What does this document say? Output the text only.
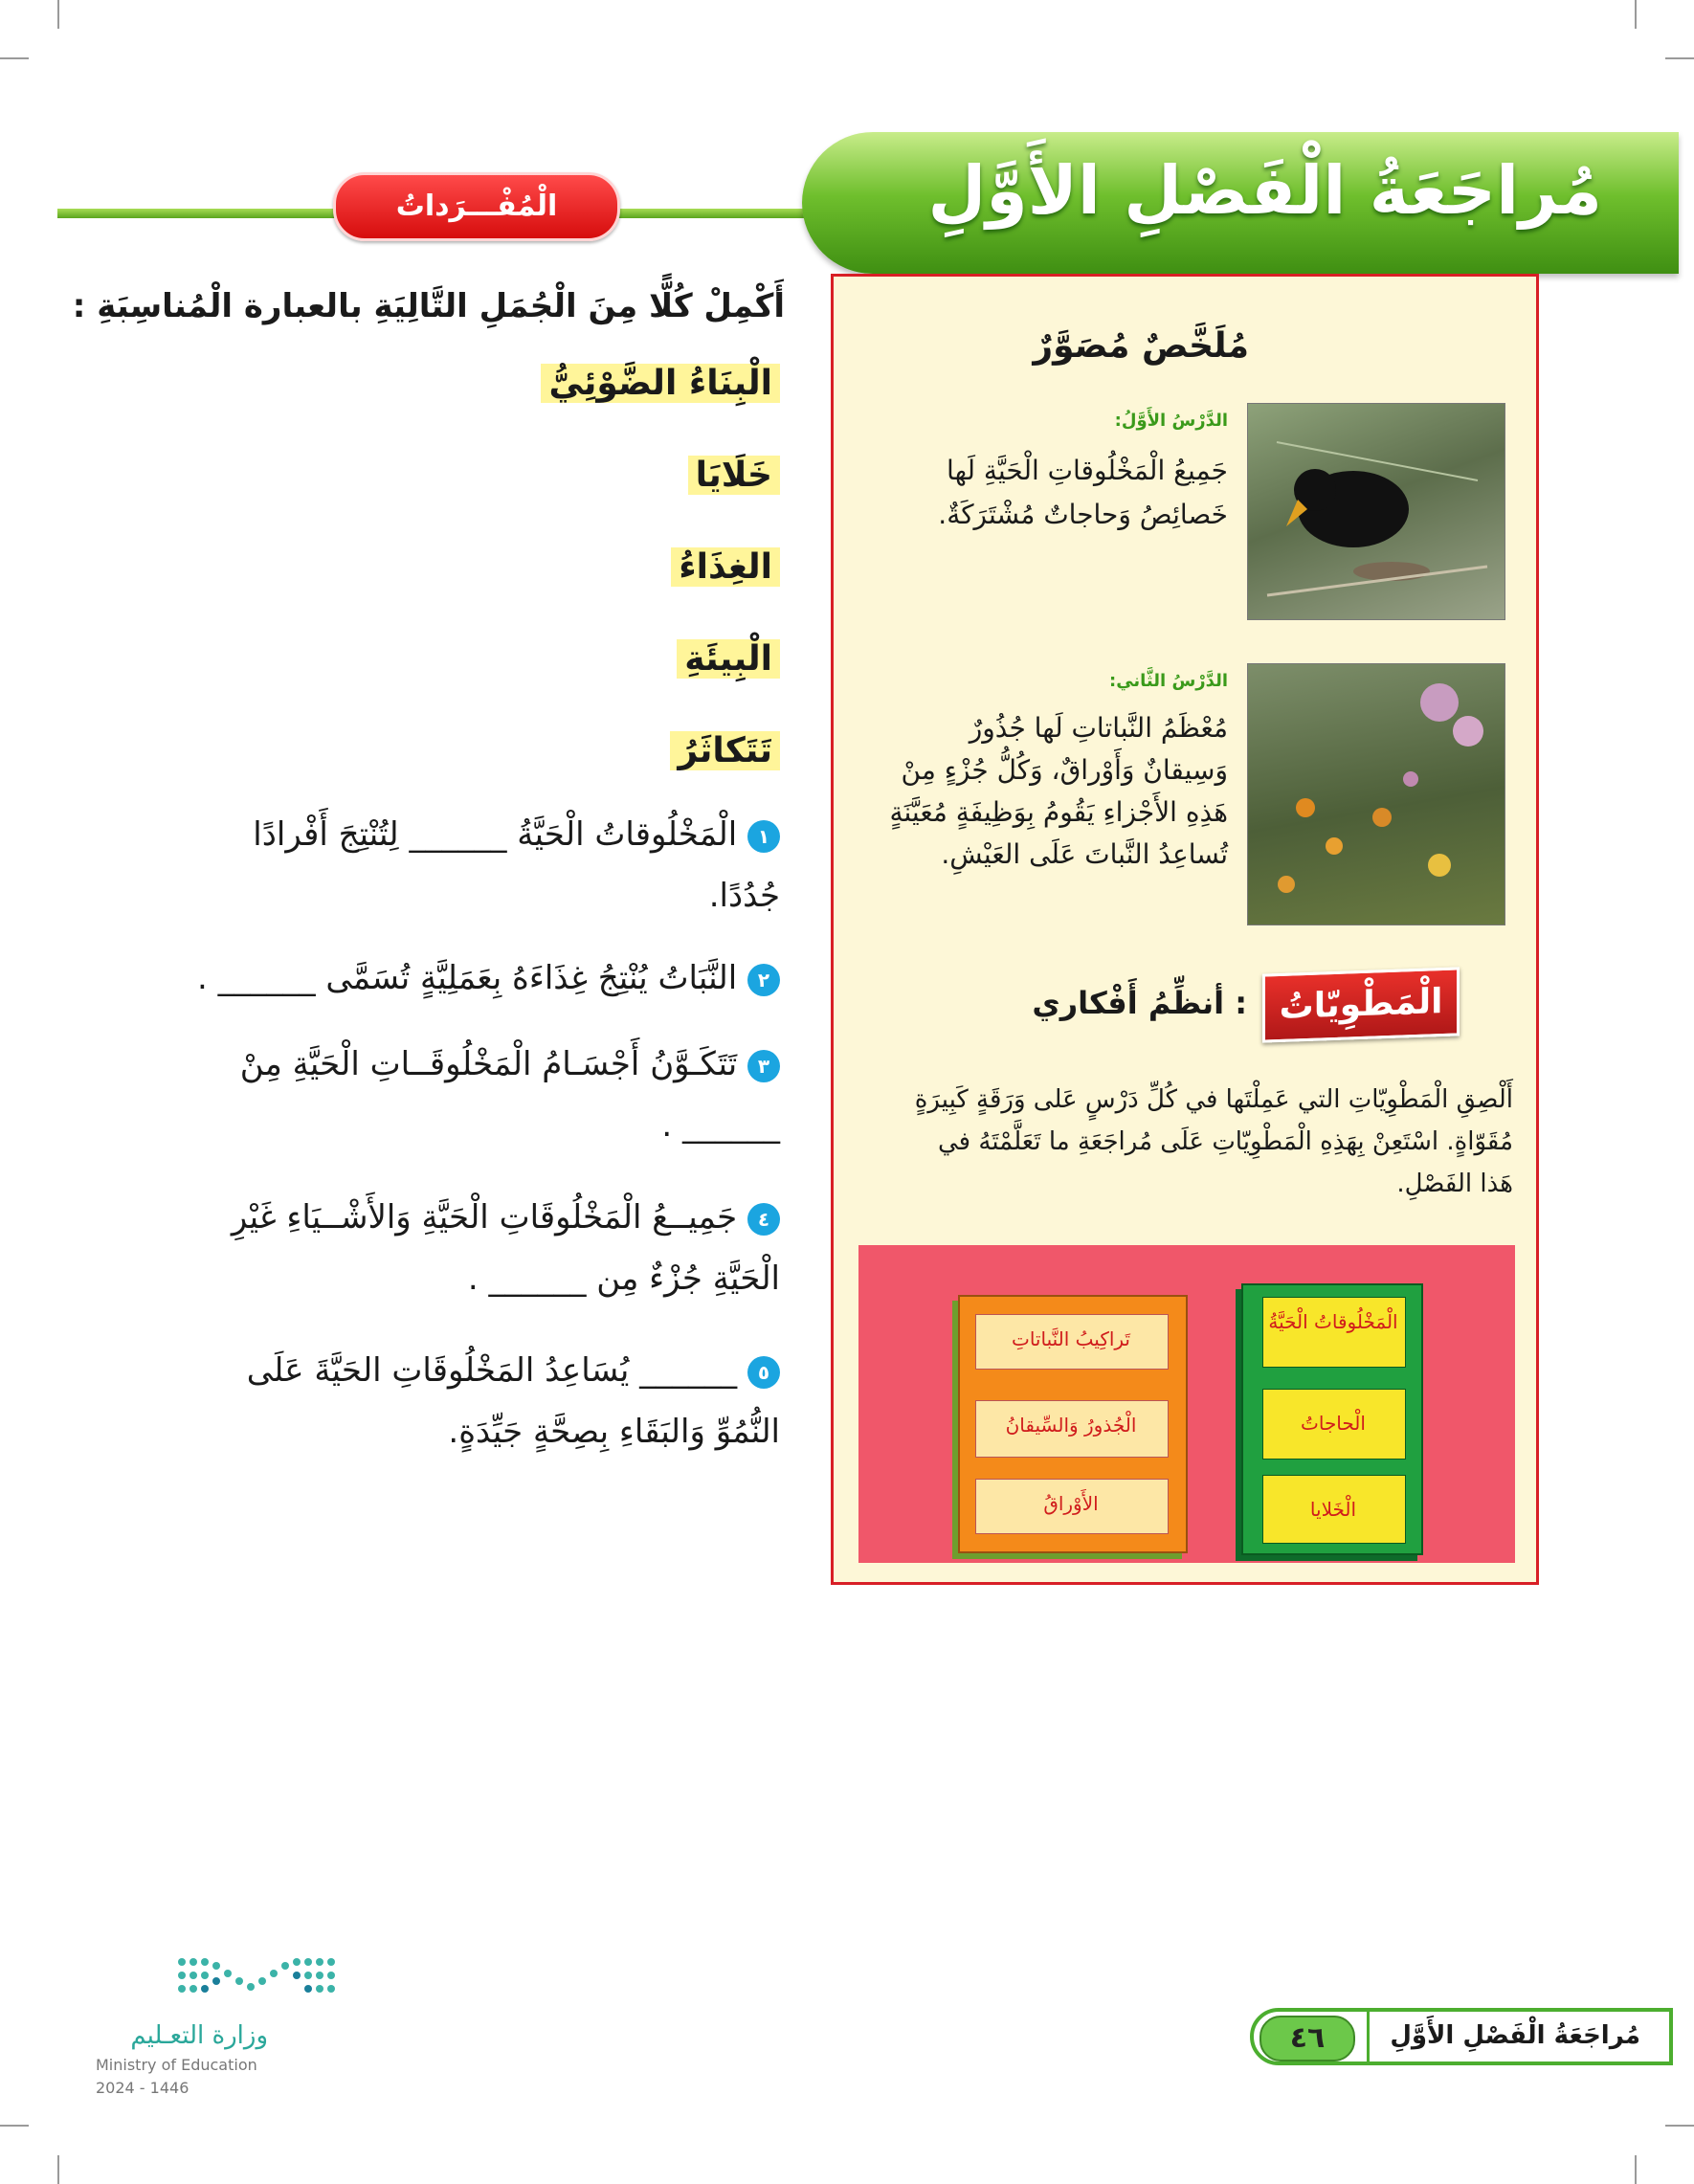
مُراجَعَةُ الْفَصْلِ الأَوَّلِ
الْمُفْـــرَداتُ
أَكْمِلْ كُلًّا مِنَ الْجُمَلِ التَّالِيَةِ بالعبارة الْمُناسِبَةِ :
الْبِنَاءُ الضَّوْئِيُّ
خَلَايَا
الغِذَاءُ
الْبِيئَةِ
تَتَكاثَرُ
١ الْمَخْلُوقاتُ الْحَيَّةُ ______ لِتُنْتِجَ أَفْرادًا
جُدُدًا.
٢ النَّبَاتُ يُنْتِجُ غِذَاءَهُ بِعَمَلِيَّةٍ تُسَمَّى ______ .
٣ تَتَكَـوَّنُ أَجْسَـامُ الْمَخْلُوقَــاتِ الْحَيَّةِ مِنْ
______ .
٤ جَمِيــعُ الْمَخْلُوقَاتِ الْحَيَّةِ وَالأَشْــيَاءِ غَيْرِ
الْحَيَّةِ جُزْءٌ مِن ______ .
٥ ______ يُسَاعِدُ المَخْلُوقَاتِ الحَيَّةَ عَلَى
النُّمُوِّ وَالبَقَاءِ بِصِحَّةٍ جَيِّدَةٍ.
مُلَخَّصٌ مُصَوَّرٌ
الدَّرْسُ الأَوَّلُ:
جَمِيعُ الْمَخْلُوقاتِ الْحَيَّةِ لَها
خَصائِصُ وَحاجاتٌ مُشْتَرَكَةٌ.
الدَّرْسُ الثَّاني:
مُعْظَمُ النَّباتاتِ لَها جُذُورٌ
وَسِيقانٌ وَأَوْراقٌ، وَكُلُّ جُزْءٍ مِنْ
هَذِهِ الأَجْزاءِ يَقُومُ بِوَظِيفَةٍ مُعَيَّنَةٍ
تُساعِدُ النَّباتَ عَلَى العَيْشِ.
الْمَطْوِيّاتُ
: أنظِّمُ أَفْكاري
أَلْصِقِ الْمَطْوِيّاتِ التي عَمِلْتَها في كُلِّ دَرْسٍ عَلى وَرَقَةٍ كَبِيرَةٍ
مُقَوّاةٍ. اسْتَعِنْ بِهَذِهِ الْمَطْوِيّاتِ عَلَى مُراجَعَةِ ما تَعَلَّمْتَهُ في
هَذا الفَصْلِ.
تَراكِيبُ النَّباتاتِ
الْجُذورُ وَالسِّيقانُ
الأَوْراقُ
الْمَخْلُوقاتُ الْحَيَّةُ
الْحاجاتُ
الْخَلايا
وزارة التعـليم
Ministry of Education
2024 - 1446
٤٦	مُراجَعَةُ الْفَصْلِ الأَوَّلِ
